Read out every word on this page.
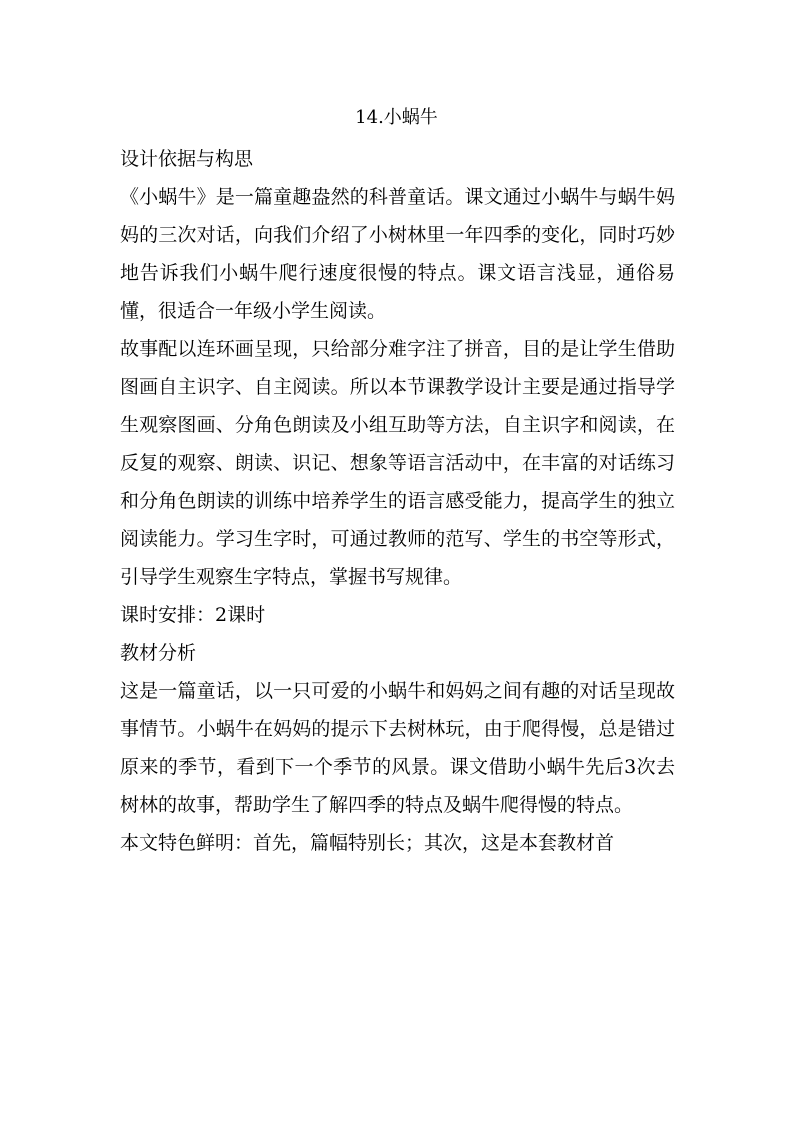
14.小蜗牛

设计依据与构思

《小蜗牛》是一篇童趣盎然的科普童话。课文通过小蜗牛与蜗牛妈妈的三次对话，向我们介绍了小树林里一年四季的变化，同时巧妙地告诉我们小蜗牛爬行速度很慢的特点。课文语言浅显，通俗易懂，很适合一年级小学生阅读。

故事配以连环画呈现，只给部分难字注了拼音，目的是让学生借助图画自主识字、自主阅读。所以本节课教学设计主要是通过指导学生观察图画、分角色朗读及小组互助等方法，自主识字和阅读，在反复的观察、朗读、识记、想象等语言活动中，在丰富的对话练习和分角色朗读的训练中培养学生的语言感受能力，提高学生的独立阅读能力。学习生字时，可通过教师的范写、学生的书空等形式，引导学生观察生字特点，掌握书写规律。

课时安排：2课时

教材分析

这是一篇童话，以一只可爱的小蜗牛和妈妈之间有趣的对话呈现故事情节。小蜗牛在妈妈的提示下去树林玩，由于爬得慢，总是错过原来的季节，看到下一个季节的风景。课文借助小蜗牛先后3次去树林的故事，帮助学生了解四季的特点及蜗牛爬得慢的特点。

本文特色鲜明：首先，篇幅特别长；其次，这是本套教材首
